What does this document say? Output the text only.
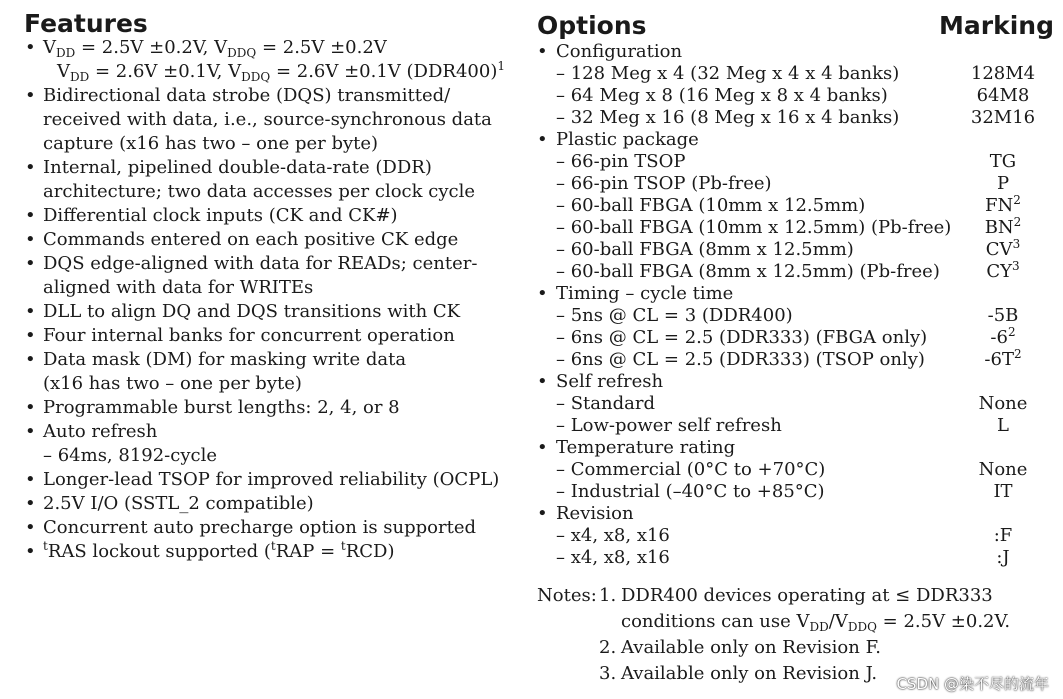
Features	Options	Marking
• $V_{DD} = 2.5V \pm 0.2V$, $V_{DDQ} = 2.5V \pm 0.2V$
$V_{DD} = 2.6V \pm 0.1V$, $V_{DDQ} = 2.6V \pm 0.1V$ $(DDR400)^1$
• Bidirectional data strobe (DQS) transmitted/
received with data, i.e., source-synchronous data
capture (x16 has two – one per byte)
• Internal, pipelined double-data-rate (DDR)
architecture; two data accesses per clock cycle
• Differential clock inputs (CK and CK#)
• Commands entered on each positive CK edge
• DQS edge-aligned with data for READs; center-
aligned with data for WRITEs
• DLL to align DQ and DQS transitions with CK
• Four internal banks for concurrent operation
• Data mask (DM) for masking write data
(x16 has two – one per byte)
• Programmable burst lengths: 2, 4, or 8
• Auto refresh
– 64ms, 8192-cycle
• Longer-lead TSOP for improved reliability (OCPL)
• 2.5V I/O (SSTL_2 compatible)
• Concurrent auto precharge option is supported
• $^t$RAS lockout supported ($^t$RAP = $^t$RCD)
• Configuration
– 128 Meg x 4 (32 Meg x 4 x 4 banks)	128M4
– 64 Meg x 8 (16 Meg x 8 x 4 banks)	64M8
– 32 Meg x 16 (8 Meg x 16 x 4 banks)	32M16
• Plastic package
– 66-pin TSOP	TG
– 66-pin TSOP (Pb-free)	P
– 60-ball FBGA (10mm x 12.5mm)	$FN^2$
– 60-ball FBGA (10mm x 12.5mm) (Pb-free)	$BN^2$
– 60-ball FBGA (8mm x 12.5mm)	$CV^3$
– 60-ball FBGA (8mm x 12.5mm) (Pb-free)	$CY^3$
• Timing – cycle time
– 5ns @ CL = 3 (DDR400)	-5B
– 6ns @ CL = 2.5 (DDR333) (FBGA only)	$-6^2$
– 6ns @ CL = 2.5 (DDR333) (TSOP only)	$-6T^2$
• Self refresh
– Standard	None
– Low-power self refresh	L
• Temperature rating
– Commercial (0°C to +70°C)	None
– Industrial (–40°C to +85°C)	IT
• Revision
– x4, x8, x16	:F
– x4, x8, x16	:J
Notes: 1. DDR400 devices operating at ≤ DDR333
conditions can use $V_{DD}/V_{DDQ} = 2.5V \pm 0.2V$.
2. Available only on Revision F.
3. Available only on Revision J. CSDN @染不尽的流年
